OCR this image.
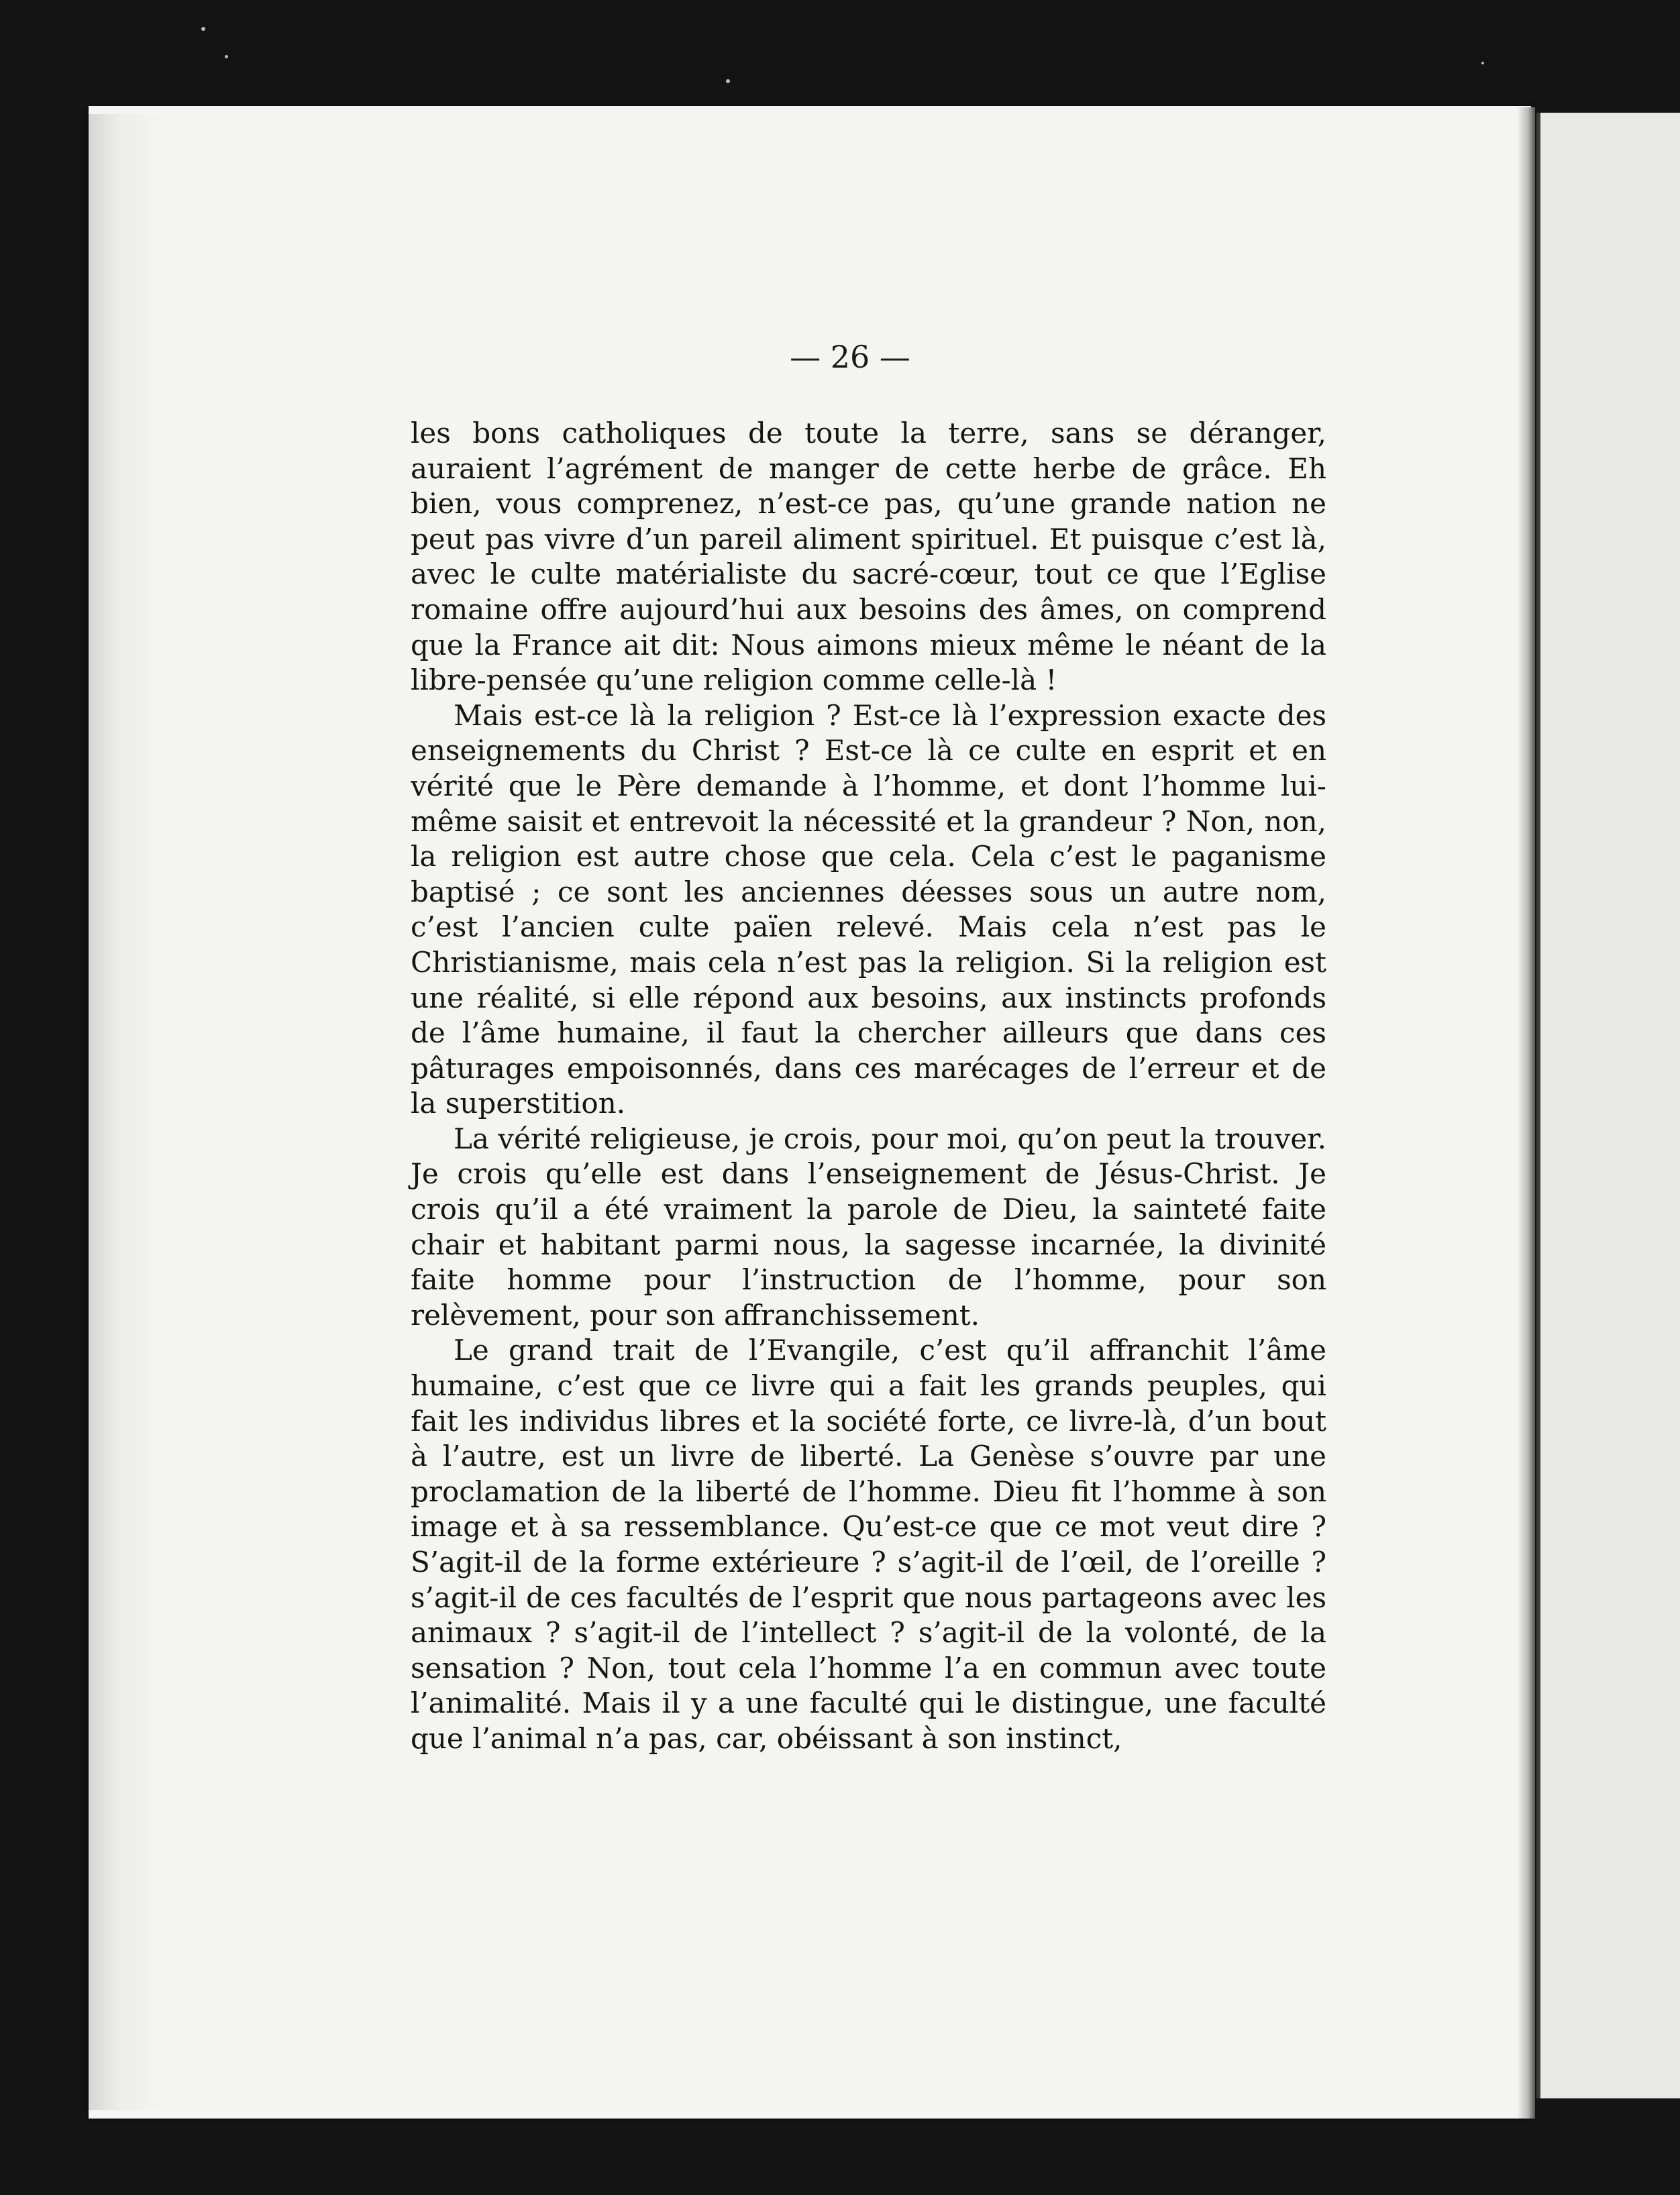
— 26 —

les bons catholiques de toute la terre, sans se déranger, auraient l’agrément de manger de cette herbe de grâce. Eh bien, vous comprenez, n’est-ce pas, qu’une grande nation ne peut pas vivre d’un pareil aliment spirituel. Et puisque c’est là, avec le culte matérialiste du sacré-cœur, tout ce que l’Eglise romaine offre aujourd’hui aux besoins des âmes, on comprend que la France ait dit: Nous aimons mieux même le néant de la libre-pensée qu’une religion comme celle-là !

Mais est-ce là la religion ? Est-ce là l’expression exacte des enseignements du Christ ? Est-ce là ce culte en esprit et en vérité que le Père demande à l’homme, et dont l’homme lui-même saisit et entrevoit la nécessité et la grandeur ? Non, non, la religion est autre chose que cela. Cela c’est le paganisme baptisé ; ce sont les anciennes déesses sous un autre nom, c’est l’ancien culte païen relevé. Mais cela n’est pas le Christianisme, mais cela n’est pas la religion. Si la religion est une réalité, si elle répond aux besoins, aux instincts profonds de l’âme humaine, il faut la chercher ailleurs que dans ces pâturages empoisonnés, dans ces marécages de l’erreur et de la superstition.

La vérité religieuse, je crois, pour moi, qu’on peut la trouver. Je crois qu’elle est dans l’enseignement de Jésus-Christ. Je crois qu’il a été vraiment la parole de Dieu, la sainteté faite chair et habitant parmi nous, la sagesse incarnée, la divinité faite homme pour l’instruction de l’homme, pour son relèvement, pour son affranchissement.

Le grand trait de l’Evangile, c’est qu’il affranchit l’âme humaine, c’est que ce livre qui a fait les grands peuples, qui fait les individus libres et la société forte, ce livre-là, d’un bout à l’autre, est un livre de liberté. La Genèse s’ouvre par une proclamation de la liberté de l’homme. Dieu fit l’homme à son image et à sa ressemblance. Qu’est-ce que ce mot veut dire ? S’agit-il de la forme extérieure ? s’agit-il de l’œil, de l’oreille ? s’agit-il de ces facultés de l’esprit que nous partageons avec les animaux ? s’agit-il de l’intellect ? s’agit-il de la volonté, de la sensation ? Non, tout cela l’homme l’a en commun avec toute l’animalité. Mais il y a une faculté qui le distingue, une faculté que l’animal n’a pas, car, obéissant à son instinct,
